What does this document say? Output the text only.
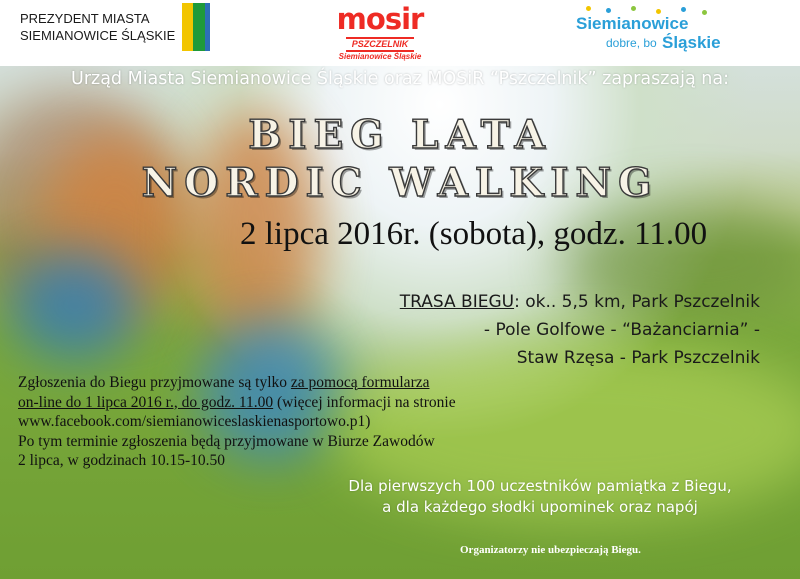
PREZYDENT MIASTA
SIEMIANOWICE ŚLĄSKIE	mosir
PSZCZELNIK
Siemianowice Śląskie
Siemianowice
dobre, bo Śląskie
Urząd Miasta Siemianowice Śląskie oraz MOSiR “Pszczelnik” zapraszają na:
BIEG LATA
NORDIC WALKING
2 lipca 2016r. (sobota), godz. 11.00
TRASA BIEGU: ok.. 5,5 km, Park Pszczelnik
- Pole Golfowe - “Bażanciarnia” -
Staw Rzęsa - Park Pszczelnik
Zgłoszenia do Biegu przyjmowane są tylko za pomocą formularza
on-line do 1 lipca 2016 r., do godz. 11.00 (więcej informacji na stronie
www.facebook.com/siemianowiceslaskienasportowo.p1)
Po tym terminie zgłoszenia będą przyjmowane w Biurze Zawodów
2 lipca, w godzinach 10.15-10.50
Dla pierwszych 100 uczestników pamiątka z Biegu,
a dla każdego słodki upominek oraz napój
Organizatorzy nie ubezpieczają Biegu.
